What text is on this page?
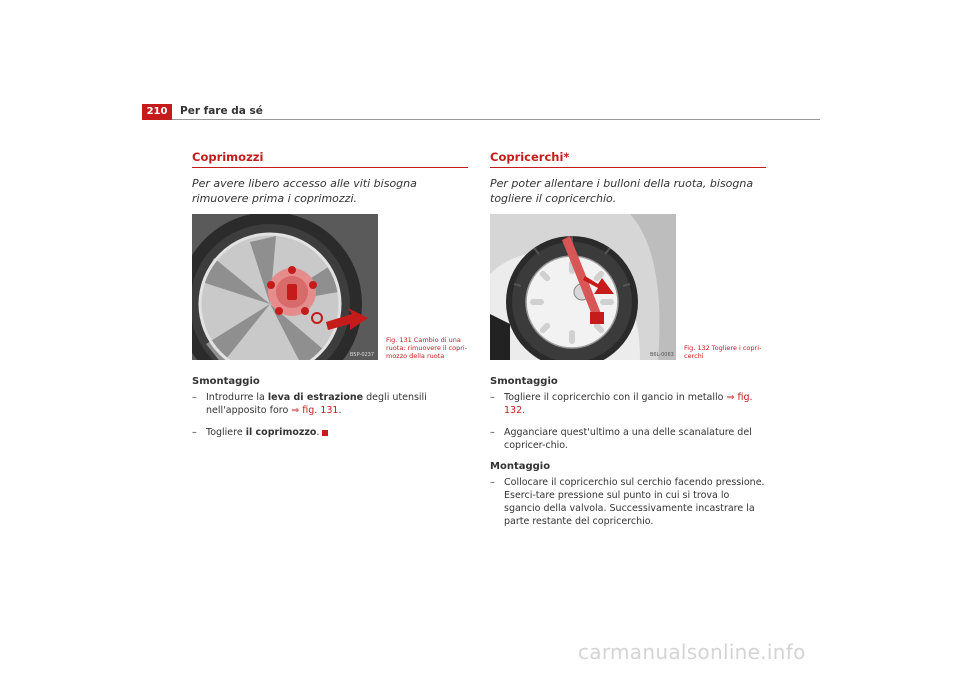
210	Per fare da sé
Coprimozzi

Per avere libero accesso alle viti bisogna rimuovere prima i coprimozzi.

B5P-0237
Fig. 131 Cambio di una ruota: rimuovere il copri-mozzo della ruota
Smontaggio
– Introdurre la leva di estrazione degli utensili nell'apposito foro ⇒ fig. 131.
– Togliere il coprimozzo.
Copricerchi*

Per poter allentare i bulloni della ruota, bisogna togliere il copricerchio.

B6L-0063
Fig. 132 Togliere i copri-cerchi
Smontaggio
– Togliere il copricerchio con il gancio in metallo ⇒ fig. 132.
– Agganciare quest'ultimo a una delle scanalature del copricer-chio.
Montaggio
– Collocare il copricerchio sul cerchio facendo pressione. Eserci-tare pressione sul punto in cui si trova lo sgancio della valvola. Successivamente incastrare la parte restante del copricerchio.
carmanualsonline.info
